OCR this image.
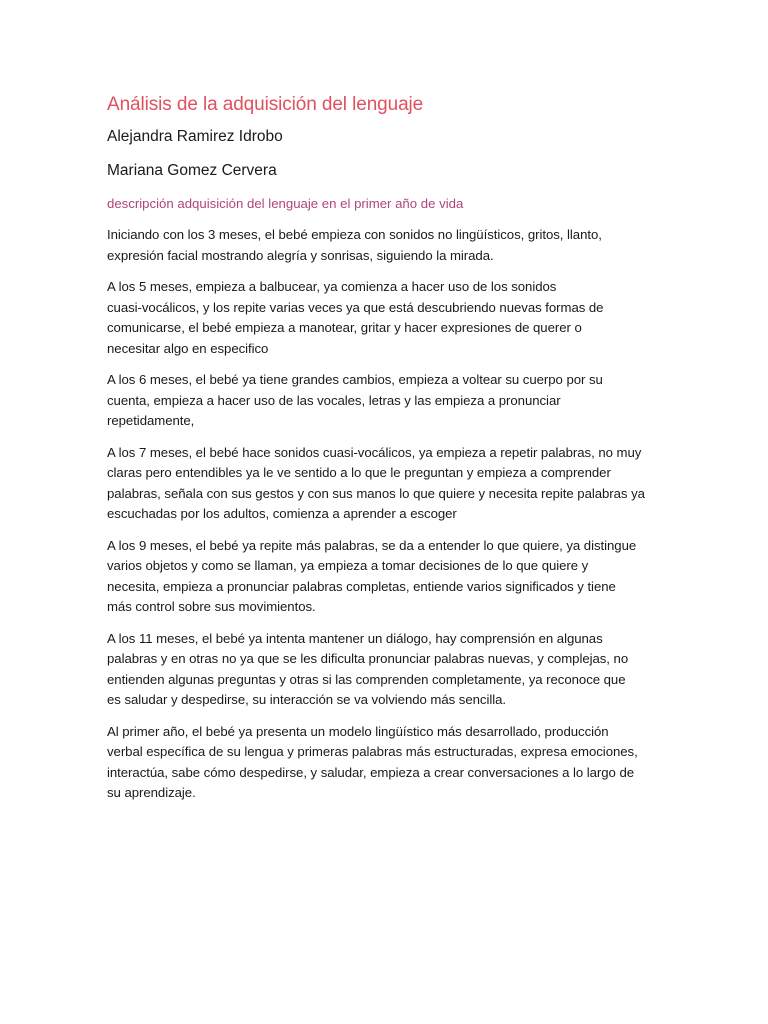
Análisis de la adquisición del lenguaje
Alejandra Ramirez Idrobo
Mariana Gomez Cervera
descripción adquisición del lenguaje en el primer año de vida

Iniciando con los 3 meses, el bebé empieza con sonidos no lingüísticos, gritos, llanto,
expresión facial mostrando alegría y sonrisas, siguiendo la mirada.

A los 5 meses, empieza a balbucear, ya comienza a hacer uso de los sonidos
cuasi-vocálicos, y los repite varias veces ya que está descubriendo nuevas formas de
comunicarse, el bebé empieza a manotear, gritar y hacer expresiones de querer o
necesitar algo en especifico

A los 6 meses, el bebé ya tiene grandes cambios, empieza a voltear su cuerpo por su
cuenta, empieza a hacer uso de las vocales, letras y las empieza a pronunciar
repetidamente,

A los 7 meses, el bebé hace sonidos cuasi-vocálicos, ya empieza a repetir palabras, no muy
claras pero entendibles ya le ve sentido a lo que le preguntan y empieza a comprender
palabras, señala con sus gestos y con sus manos lo que quiere y necesita repite palabras ya
escuchadas por los adultos, comienza a aprender a escoger

A los 9 meses, el bebé ya repite más palabras, se da a entender lo que quiere, ya distingue
varios objetos y como se llaman, ya empieza a tomar decisiones de lo que quiere y
necesita, empieza a pronunciar palabras completas, entiende varios significados y tiene
más control sobre sus movimientos.

A los 11 meses, el bebé ya intenta mantener un diálogo, hay comprensión en algunas
palabras y en otras no ya que se les dificulta pronunciar palabras nuevas, y complejas, no
entienden algunas preguntas y otras si las comprenden completamente, ya reconoce que
es saludar y despedirse, su interacción se va volviendo más sencilla.

Al primer año, el bebé ya presenta un modelo lingüístico más desarrollado, producción
verbal específica de su lengua y primeras palabras más estructuradas, expresa emociones,
interactúa, sabe cómo despedirse, y saludar, empieza a crear conversaciones a lo largo de
su aprendizaje.
